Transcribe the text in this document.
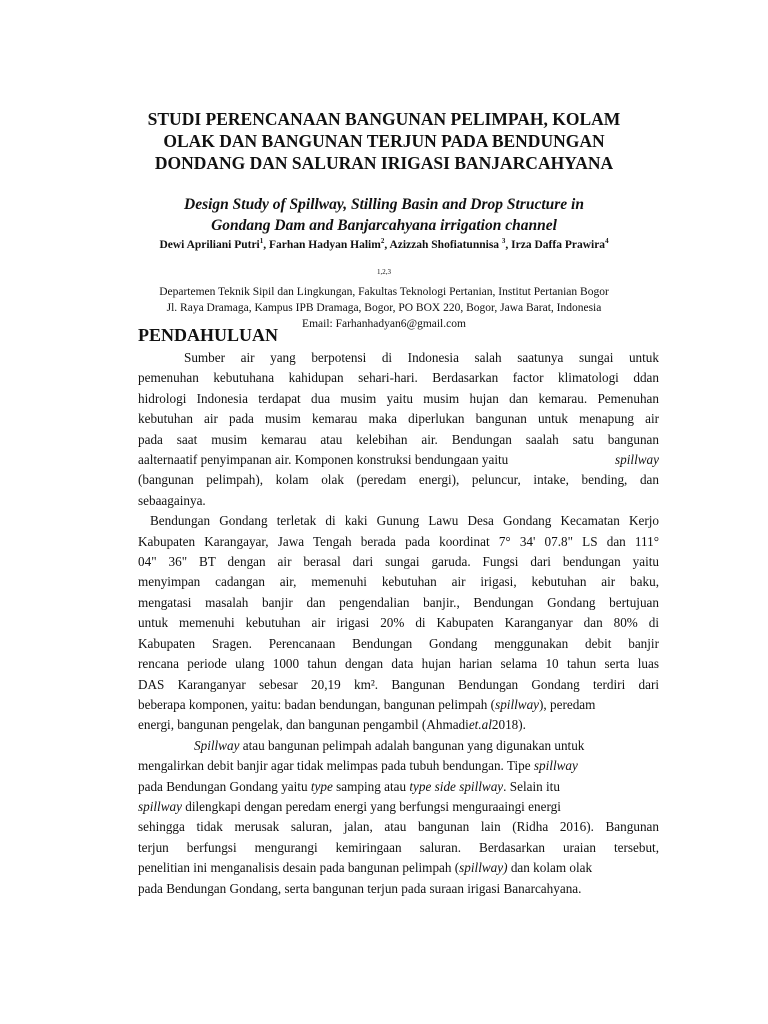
STUDI PERENCANAAN BANGUNAN PELIMPAH, KOLAM
OLAK DAN BANGUNAN TERJUN PADA BENDUNGAN
DONDANG DAN SALURAN IRIGASI BANJARCAHYANA
Design Study of Spillway, Stilling Basin and Drop Structure in
Gondang Dam and Banjarcahyana irrigation channel
Dewi Apriliani Putri$^1$, Farhan Hadyan Halim$^2$, Azizzah Shofiatunnisa $^3$, Irza Daffa Prawira$^4$
$^{1,2,3}$
Departemen Teknik Sipil dan Lingkungan, Fakultas Teknologi Pertanian, Institut Pertanian Bogor
Jl. Raya Dramaga, Kampus IPB Dramaga, Bogor, PO BOX 220, Bogor, Jawa Barat, Indonesia
Email: Farhanhadyan6@gmail.com
PENDAHULUAN
Sumber air yang berpotensi di Indonesia salah saatunya sungai untuk
pemenuhan kebutuhana kahidupan sehari-hari. Berdasarkan factor klimatologi ddan
hidrologi Indonesia terdapat dua musim yaitu musim hujan dan kemarau. Pemenuhan
kebutuhan air pada musim kemarau maka diperlukan bangunan untuk menapung air
pada saat musim kemarau atau kelebihan air. Bendungan saalah satu bangunan
aalternaatif penyimpanan air. Komponen konstruksi bendungaan yaitu	spillway
(bangunan pelimpah), kolam olak (peredam energi), peluncur, intake, bending, dan
sebaagainya.
Bendungan Gondang terletak di kaki Gunung Lawu Desa Gondang Kecamatan Kerjo
Kabupaten Karangayar, Jawa Tengah berada pada koordinat 7° 34' 07.8" LS dan 111°
04" 36" BT dengan air berasal dari sungai garuda. Fungsi dari bendungan yaitu
menyimpan cadangan air, memenuhi kebutuhan air irigasi, kebutuhan air baku,
mengatasi masalah banjir dan pengendalian banjir., Bendungan Gondang bertujuan
untuk memenuhi kebutuhan air irigasi 20% di Kabupaten Karanganyar dan 80% di
Kabupaten Sragen. Perencanaan Bendungan Gondang menggunakan debit banjir
rencana periode ulang 1000 tahun dengan data hujan harian selama 10 tahun serta luas
DAS Karanganyar sebesar 20,19 km². Bangunan Bendungan Gondang terdiri dari
beberapa komponen, yaitu: badan bendungan, bangunan pelimpah (spillway), peredam
energi, bangunan pengelak, dan bangunan pengambil (Ahmadi et.al 2018).
Spillway atau bangunan pelimpah adalah bangunan yang digunakan untuk
mengalirkan debit banjir agar tidak melimpas pada tubuh bendungan. Tipe spillway
pada Bendungan Gondang yaitu type samping atau type side spillway. Selain itu
spillway dilengkapi dengan peredam energi yang berfungsi menguraaingi energi
sehingga tidak merusak saluran, jalan, atau bangunan lain (Ridha 2016). Bangunan
terjun berfungsi mengurangi kemiringaan saluran. Berdasarkan uraian tersebut,
penelitian ini menganalisis desain pada bangunan pelimpah (spillway) dan kolam olak
pada Bendungan Gondang, serta bangunan terjun pada suraan irigasi Banarcahyana.
